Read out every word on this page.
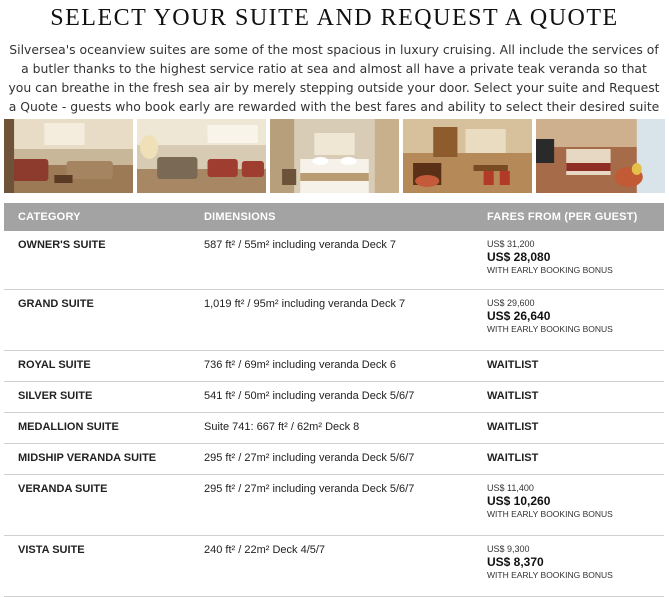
SELECT YOUR SUITE AND REQUEST A QUOTE
Silversea's oceanview suites are some of the most spacious in luxury cruising. All include the services of a butler thanks to the highest service ratio at sea and almost all have a private teak veranda so that you can breathe in the fresh sea air by merely stepping outside your door. Select your suite and Request a Quote - guests who book early are rewarded with the best fares and ability to select their desired suite
CATEGORY	DIMENSIONS	FARES FROM (PER GUEST)
OWNER'S SUITE	587 ft² / 55m² including veranda Deck 7	US$ 31,200
US$ 28,080
WITH EARLY BOOKING BONUS

GRAND SUITE	1,019 ft² / 95m² including veranda Deck 7	US$ 29,600
US$ 26,640
WITH EARLY BOOKING BONUS

ROYAL SUITE	736 ft² / 69m² including veranda Deck 6	WAITLIST
SILVER SUITE	541 ft² / 50m² including veranda Deck 5/6/7	WAITLIST
MEDALLION SUITE	Suite 741: 667 ft² / 62m² Deck 8	WAITLIST
MIDSHIP VERANDA SUITE	295 ft² / 27m² including veranda Deck 5/6/7	WAITLIST
VERANDA SUITE	295 ft² / 27m² including veranda Deck 5/6/7	US$ 11,400
US$ 10,260
WITH EARLY BOOKING BONUS

VISTA SUITE	240 ft² / 22m² Deck 4/5/7	US$ 9,300
US$ 8,370
WITH EARLY BOOKING BONUS
